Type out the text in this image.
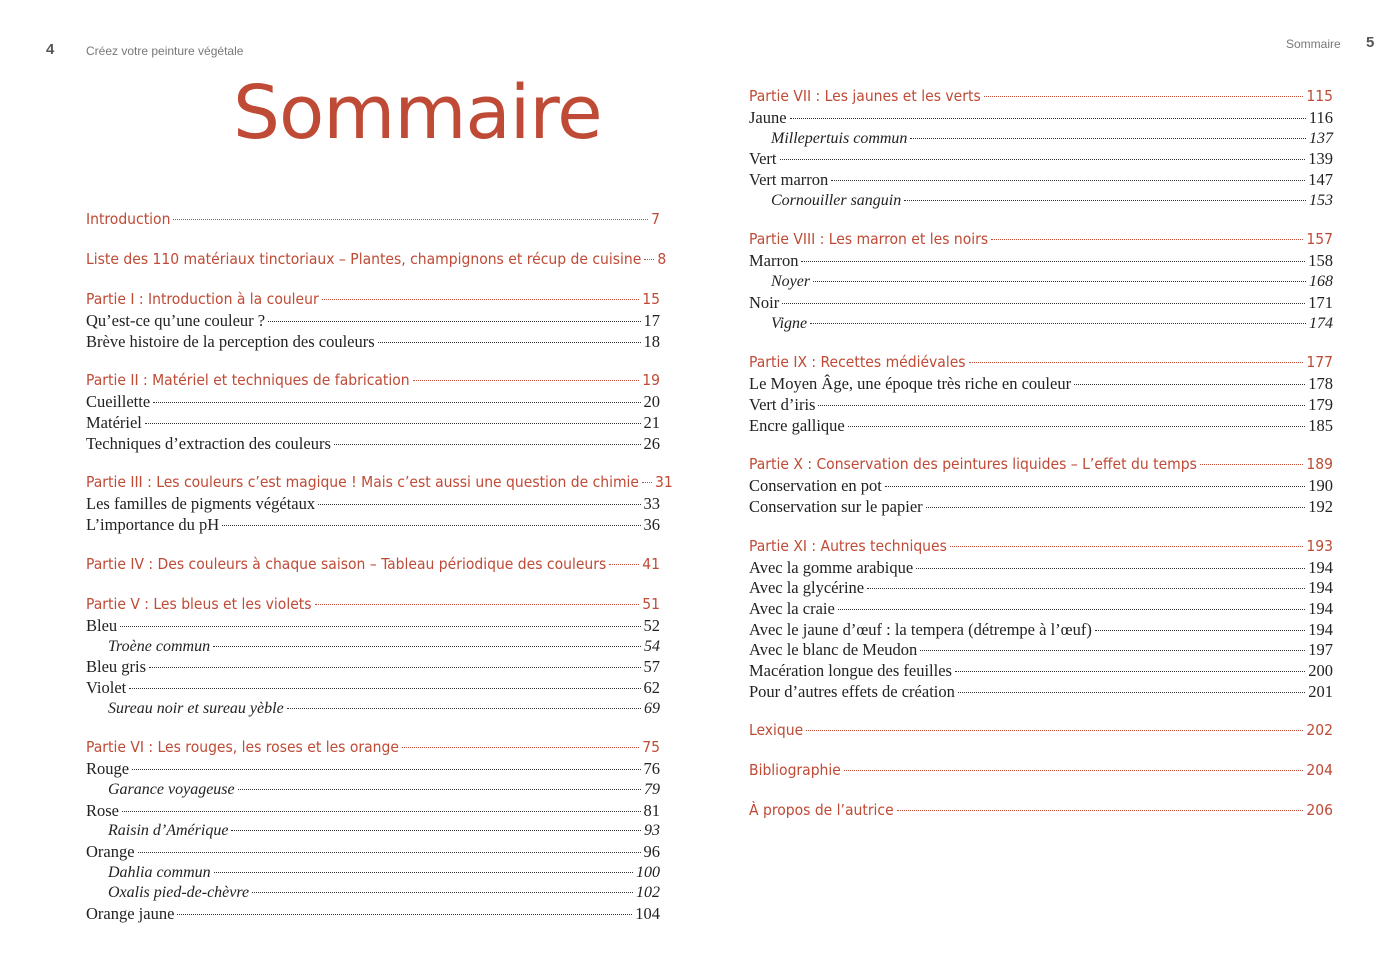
4	Créez votre peinture végétale
Sommaire
Introduction	7
Liste des 110 matériaux tinctoriaux – Plantes, champignons et récup de cuisine 8
Partie I : Introduction à la couleur	15
Qu’est-ce qu’une couleur ?	17
Brève histoire de la perception des couleurs	18
Partie II : Matériel et techniques de fabrication	19
Cueillette	20
Matériel	21
Techniques d’extraction des couleurs	26
Partie III : Les couleurs c’est magique ! Mais c’est aussi une question de chimie 31
Les familles de pigments végétaux	33
L’importance du pH	36
Partie IV : Des couleurs à chaque saison – Tableau périodique des couleurs 41
Partie V : Les bleus et les violets	51
Bleu	52
Troène commun	54
Bleu gris	57
Violet	62
Sureau noir et sureau yèble	69
Partie VI : Les rouges, les roses et les orange	75
Rouge	76
Garance voyageuse	79
Rose	81
Raisin d’Amérique	93
Orange	96
Dahlia commun	100
Oxalis pied-de-chèvre	102
Orange jaune	104
Sommaire 5
Partie VII : Les jaunes et les verts	115
Jaune	116
Millepertuis commun	137
Vert	139
Vert marron	147
Cornouiller sanguin	153
Partie VIII : Les marron et les noirs	157
Marron	158
Noyer	168
Noir	171
Vigne	174
Partie IX : Recettes médiévales	177
Le Moyen Âge, une époque très riche en couleur	178
Vert d’iris	179
Encre gallique	185
Partie X : Conservation des peintures liquides – L’effet du temps	189
Conservation en pot	190
Conservation sur le papier	192
Partie XI : Autres techniques	193
Avec la gomme arabique	194
Avec la glycérine	194
Avec la craie	194
Avec le jaune d’œuf : la tempera (détrempe à l’œuf)	194
Avec le blanc de Meudon	197
Macération longue des feuilles	200
Pour d’autres effets de création	201
Lexique	202
Bibliographie	204
À propos de l’autrice	206
